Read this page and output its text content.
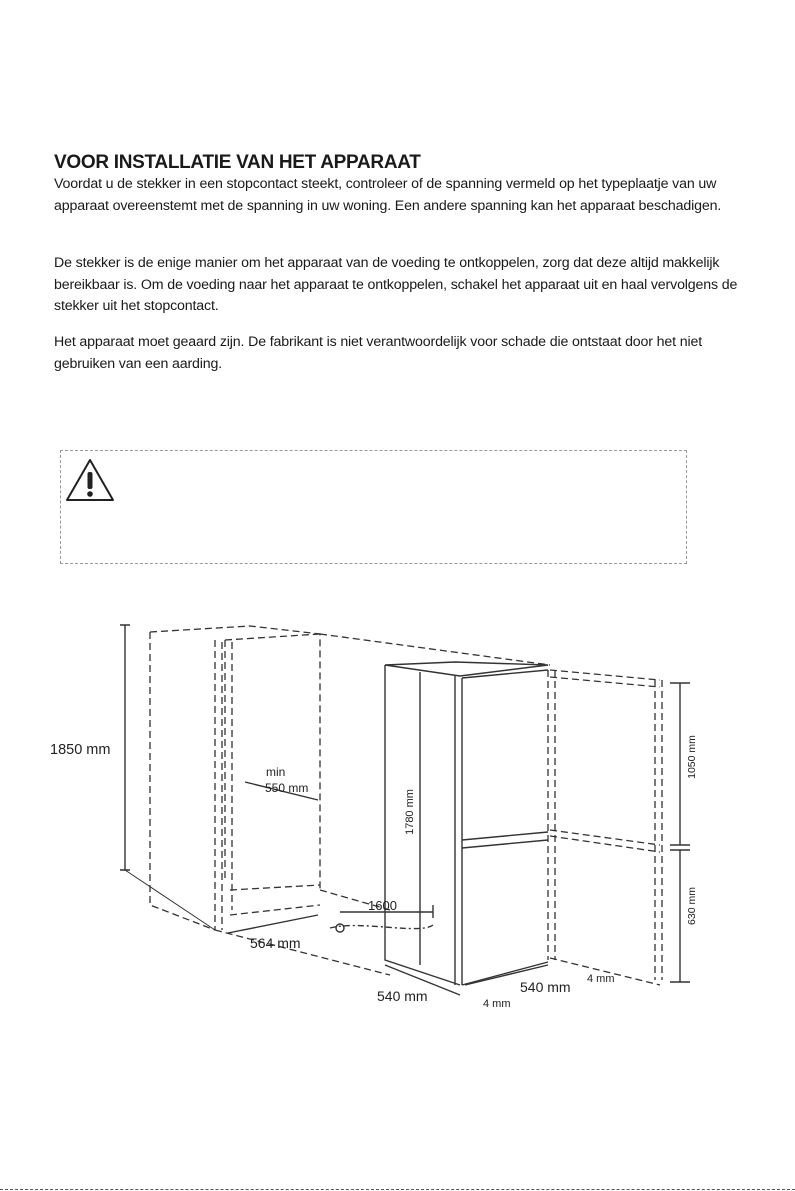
VOOR INSTALLATIE VAN HET APPARAAT
Voordat u de stekker in een stopcontact steekt, controleer of de spanning vermeld op het typeplaatje van uw apparaat overeenstemt met de spanning in uw woning. Een andere spanning kan het apparaat beschadigen.
De stekker is de enige manier om het apparaat van de voeding te ontkoppelen, zorg dat deze altijd makkelijk bereikbaar is. Om de voeding naar het apparaat te ontkoppelen, schakel het apparaat uit en haal vervolgens de stekker uit het stopcontact.
Het apparaat moet geaard zijn. De fabrikant is niet verantwoordelijk voor schade die ontstaat door het niet gebruiken van een aarding.
1850 mm
min
550 mm
564 mm
1600
1780 mm
540 mm
540 mm
4 mm
4 mm
1050 mm
630 mm
